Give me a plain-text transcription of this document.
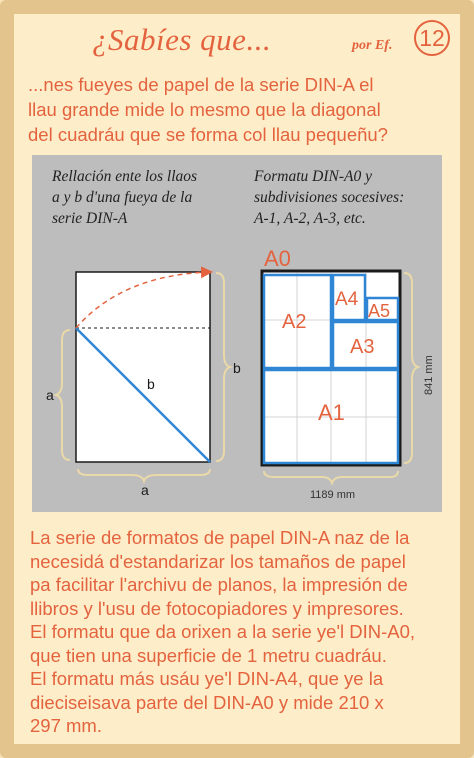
¿Sabíes que...	por Ef. 12
...nes fueyes de papel de la serie DIN-A el
llau grande mide lo mesmo que la diagonal
del cuadráu que se forma col llau pequeñu?
Rellación ente los llaos
a y b d'una fueya de la
serie DIN-A
Formatu DIN-A0 y
subdivisiones socesives:
A-1, A-2, A-3, etc.
a
a
b
b
A0
A1
A2
A3
A4
A5
841 mm
1189 mm
La serie de formatos de papel DIN-A naz de la
necesidá d'estandarizar los tamaños de papel
pa facilitar l'archivu de planos, la impresión de
llibros y l'usu de fotocopiadores y impresores.
El formatu que da orixen a la serie ye'l DIN-A0,
que tien una superficie de 1 metru cuadráu.
El formatu más usáu ye'l DIN-A4, que ye la
dieciseisava parte del DIN-A0 y mide 210 x
297 mm.
